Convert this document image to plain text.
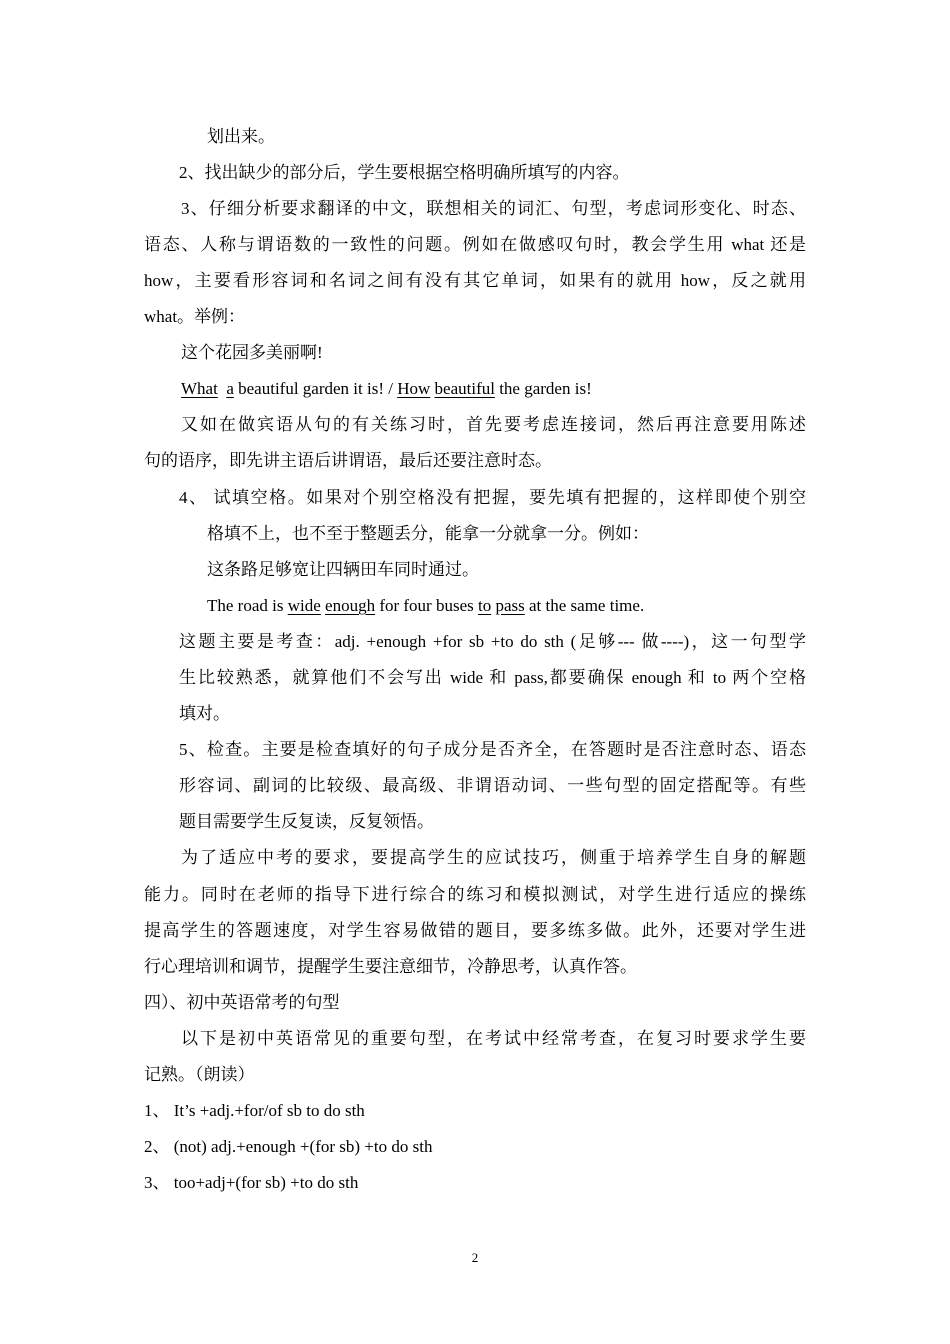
划出来。

2、找出缺少的部分后，学生要根据空格明确所填写的内容。

3、仔细分析要求翻译的中文，联想相关的词汇、句型，考虑词形变化、时态、

语态、人称与谓语数的一致性的问题。例如在做感叹句时，教会学生用 what 还是

how，主要看形容词和名词之间有没有其它单词，如果有的就用 how，反之就用

what。举例：

这个花园多美丽啊!

What a beautiful garden it is! / How beautiful the garden is!

又如在做宾语从句的有关练习时，首先要考虑连接词，然后再注意要用陈述

句的语序，即先讲主语后讲谓语，最后还要注意时态。

4、 试填空格。如果对个别空格没有把握，要先填有把握的，这样即使个别空

格填不上，也不至于整题丢分，能拿一分就拿一分。例如：

这条路足够宽让四辆田车同时通过。

The road is wide enough for four buses to pass at the same time.

这题主要是考查：adj. +enough +for sb +to do sth (足够--- 做----)，这一句型学

生比较熟悉，就算他们不会写出 wide 和 pass,都要确保 enough 和 to 两个空格

填对。

5、检查。主要是检查填好的句子成分是否齐全，在答题时是否注意时态、语态

形容词、副词的比较级、最高级、非谓语动词、一些句型的固定搭配等。有些

题目需要学生反复读，反复领悟。

为了适应中考的要求，要提高学生的应试技巧，侧重于培养学生自身的解题

能力。同时在老师的指导下进行综合的练习和模拟测试，对学生进行适应的操练

提高学生的答题速度，对学生容易做错的题目，要多练多做。此外，还要对学生进

行心理培训和调节，提醒学生要注意细节，冷静思考，认真作答。

四）、初中英语常考的句型

以下是初中英语常见的重要句型，在考试中经常考查，在复习时要求学生要

记熟。（朗读）

1、 It’s +adj.+for/of sb to do sth

2、 (not) adj.+enough +(for sb) +to do sth

3、 too+adj+(for sb) +to do sth

2
